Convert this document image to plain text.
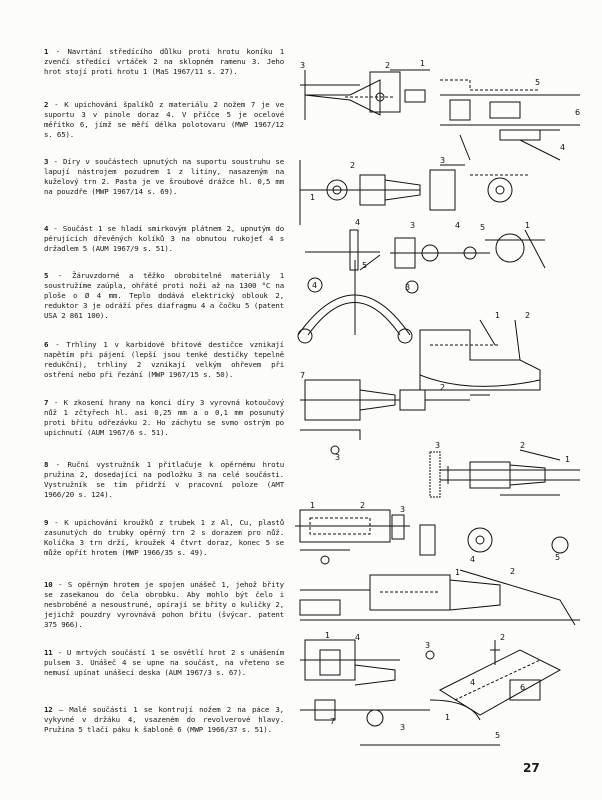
1 - Navrtání středícího důlku proti hrotu koníku 1 zvenčí středící vrtáček 2 na sklopném ramenu 3. Jeho hrot stojí proti hrotu 1 (MaS 1967/11 s. 27).
2 - K upichování špalíků z materiálu 2 nožem 7 je ve suportu 3 v pinole doraz 4. V příčce 5 je ocelové měřítko 6, jímž se měří délka polotovaru (MWP 1967/12 s. 65).
3 - Díry v součástech upnutých na suportu soustruhu se lapují nástrojem pozudrem 1 z litiny, nasazeným na kuželový trn 2. Pasta je ve šroubové drážce hl. 0,5 mm na pouzdře (MWP 1967/14 s. 69).
4 - Součást 1 se hladí smirkovým plátnem 2, upnutým do pérujících dřevěných kolíků 3 na obnutou rukojeť 4 s držadlem 5 (AUM 1967/9 s. 51).
5 - Žáruvzdorné a těžko obrobitelné materiály 1 soustružíme zaúpla, ohřáté proti noži až na 1300 °C na ploše o Ø 4 mm. Teplo dodává elektrický oblouk 2, reduktor 3 je odráží přes diafragmu 4 a čočku 5 (patent USA 2 861 100).
6 - Trhliny 1 v karbidové břitové destičce vznikají napětím při pájení (lepší jsou tenké destičky tepelně redukční), trhliny 2 vznikají velkým ohřevem při ostření nebo při řezání (MWP 1967/15 s. 50).
7 - K zkosení hrany na konci díry 3 vyrovná kotoučový nůž 1 zčtyřech hl. asi 0,25 mm a o 0,1 mm posunutý proti břitu odřezávku 2. Ho záchytu se svmo ostrým po upichnutí (AUM 1967/6 s. 51).
8 - Ruční vystružník 1 přitlačuje k opěrnému hrotu pružina 2, dosedající na podložku 3 na celé součásti. Vystružník se tím přidrží v pracovní poloze (AMT 1966/20 s. 124).
9 - K upichování kroužků z trubek 1 z Al, Cu, plastů zasunutých do trubky opěrný trn 2 s dorazem pro nůž. Kolíčka 3 trn drží, kroužek 4 čtvrt doraz, konec 5 se může opřít hrotem (MWP 1966/35 s. 49).
10 - S opěrným hrotem je spojen unášeč 1, jehož břity se zasekanou do čela obrobku. Aby mohlo být čelo i nesbroběné a nesoustruné, opírají se břity o kuličky 2, jejichž pouzdry vyrovnává pohon břitu (švýcar. patent 375 966).
11 - U mrtvých součástí 1 se osvětlí hrot 2 s unášením pulsem 3. Unášeč 4 se upne na součást, na vřeteno se nemusí upínat unášecí deska (AUM 1967/3 s. 67).
12 — Malé součásti 1 se kontrují nožem 2 na páce 3, vykyvné v držáku 4, vsazeném do revolverové hlavy. Pružina 5 tlačí páku k šabloně 6 (MWP 1966/37 s. 51).
3	2	1
5
6
4
1
2
3
4	3	4 5	1
4	3
5
1	2
7
2
3
3	2
1
1	2	3
4	5
1	2
1	4
3
2
4
6
1
7
3
5
27
